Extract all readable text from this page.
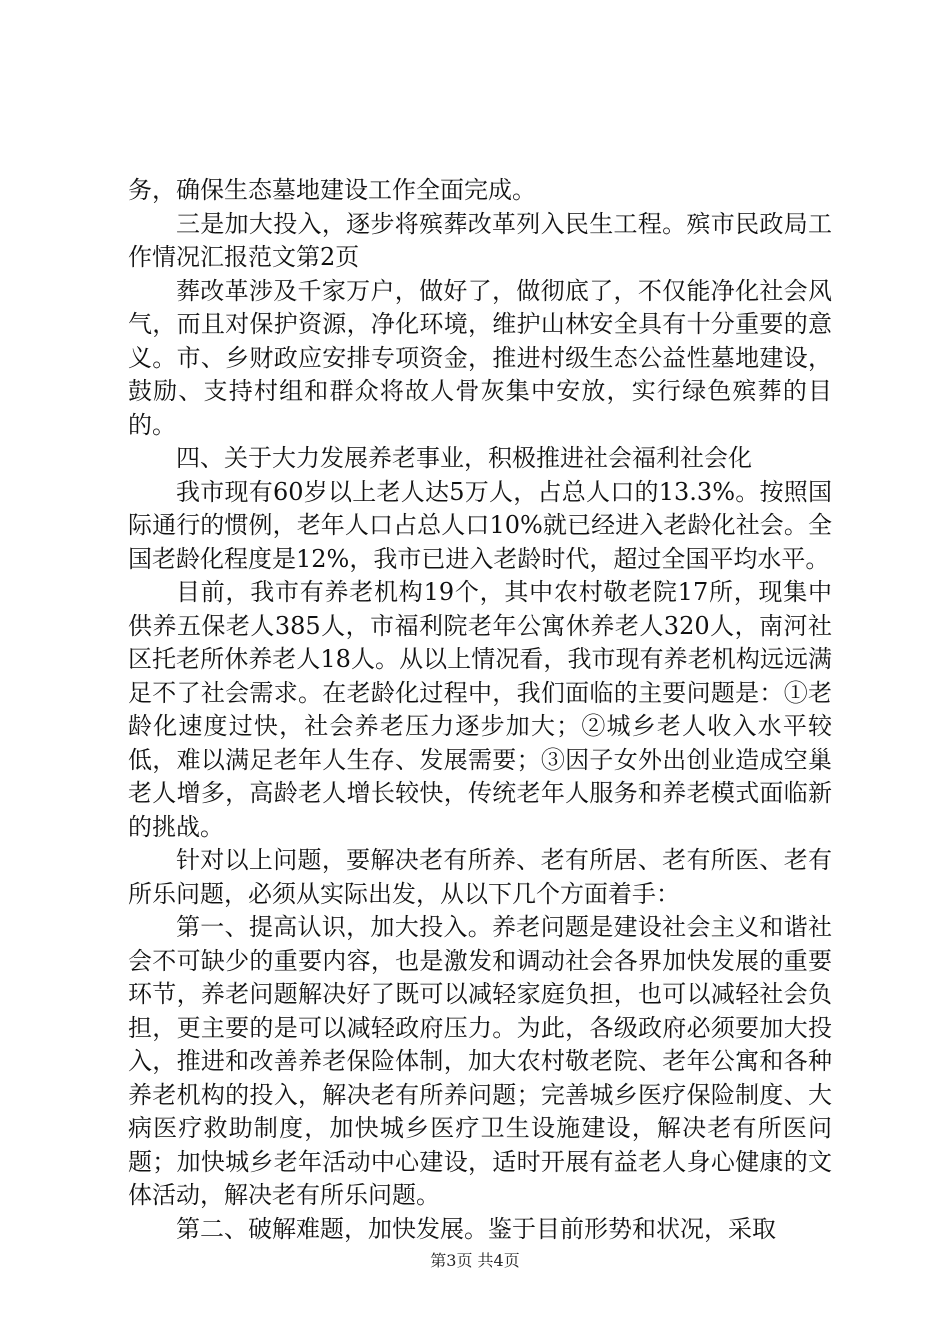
务，确保生态墓地建设工作全面完成。

三是加大投入，逐步将殡葬改革列入民生工程。殡市民政局工作情况汇报范文第2页

葬改革涉及千家万户，做好了，做彻底了，不仅能净化社会风气，而且对保护资源，净化环境，维护山林安全具有十分重要的意义。市、乡财政应安排专项资金，推进村级生态公益性墓地建设，鼓励、支持村组和群众将故人骨灰集中安放，实行绿色殡葬的目的。

四、关于大力发展养老事业，积极推进社会福利社会化

我市现有60岁以上老人达5万人，占总人口的13.3%。按照国际通行的惯例，老年人口占总人口10%就已经进入老龄化社会。全国老龄化程度是12%，我市已进入老龄时代，超过全国平均水平。

目前，我市有养老机构19个，其中农村敬老院17所，现集中供养五保老人385人，市福利院老年公寓休养老人320人，南河社区托老所休养老人18人。从以上情况看，我市现有养老机构远远满足不了社会需求。在老龄化过程中，我们面临的主要问题是：①老龄化速度过快，社会养老压力逐步加大；②城乡老人收入水平较低，难以满足老年人生存、发展需要；③因子女外出创业造成空巢老人增多，高龄老人增长较快，传统老年人服务和养老模式面临新的挑战。

针对以上问题，要解决老有所养、老有所居、老有所医、老有所乐问题，必须从实际出发，从以下几个方面着手：

第一、提高认识，加大投入。养老问题是建设社会主义和谐社会不可缺少的重要内容，也是激发和调动社会各界加快发展的重要环节，养老问题解决好了既可以减轻家庭负担，也可以减轻社会负担，更主要的是可以减轻政府压力。为此，各级政府必须要加大投入，推进和改善养老保险体制，加大农村敬老院、老年公寓和各种养老机构的投入，解决老有所养问题；完善城乡医疗保险制度、大病医疗救助制度，加快城乡医疗卫生设施建设，解决老有所医问题；加快城乡老年活动中心建设，适时开展有益老人身心健康的文体活动，解决老有所乐问题。

第二、破解难题，加快发展。鉴于目前形势和状况，采取

第3页 共4页
